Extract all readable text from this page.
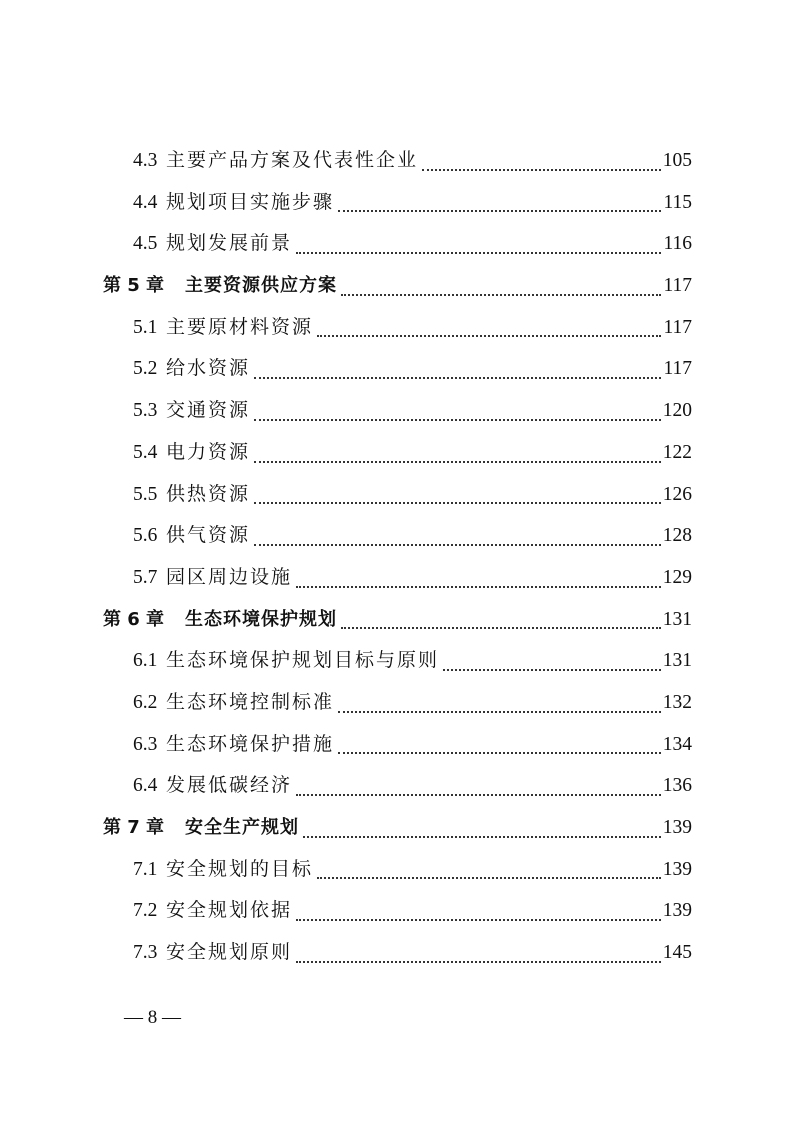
4.3 主要产品方案及代表性企业	105
4.4 规划项目实施步骤	115
4.5 规划发展前景	116
第 5 章	主要资源供应方案	117
5.1 主要原材料资源	117
5.2 给水资源	117
5.3 交通资源	120
5.4 电力资源	122
5.5 供热资源	126
5.6 供气资源	128
5.7 园区周边设施	129
第 6 章	生态环境保护规划	131
6.1 生态环境保护规划目标与原则	131
6.2 生态环境控制标准	132
6.3 生态环境保护措施	134
6.4 发展低碳经济	136
第 7 章	安全生产规划	139
7.1 安全规划的目标	139
7.2 安全规划依据	139
7.3 安全规划原则	145
— 8 —
